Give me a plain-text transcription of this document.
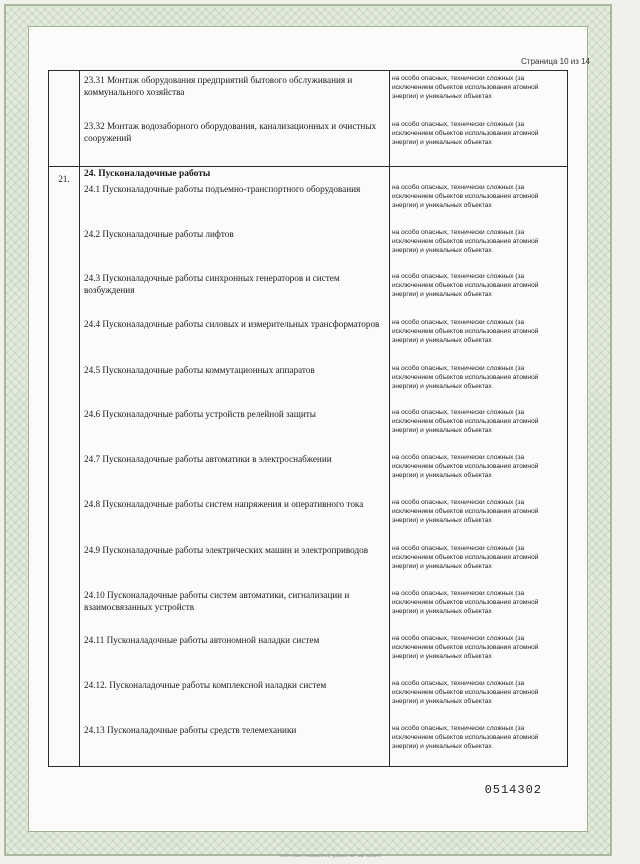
Страница 10 из 14
21.	24. Пусконаладочные работы
23.31 Монтаж оборудования предприятий бытового обслуживания и коммунального хозяйства
23.32 Монтаж водозаборного оборудования, канализационных и очистных сооружений
24.1 Пусконаладочные работы подъемно-транспортного оборудования
24.2 Пусконаладочные работы лифтов
24.3 Пусконаладочные работы синхронных генераторов и систем возбуждения
24.4 Пусконаладочные работы силовых и измерительных трансформаторов
24.5 Пусконаладочные работы коммутационных аппаратов
24.6 Пусконаладочные работы устройств релейной защиты
24.7 Пусконаладочные работы автоматики в электроснабжении
24.8 Пусконаладочные работы систем напряжения и оперативного тока
24.9 Пусконаладочные работы электрических машин и электроприводов
24.10 Пусконаладочные работы систем автоматики, сигнализации и взаимосвязанных устройств
24.11 Пусконаладочные работы автономной наладки систем
24.12. Пусконаладочные работы комплексной наладки систем
24.13 Пусконаладочные работы средств телемеханики
на особо опасных, технически сложных (за исключением объектов использования атомной энергии) и уникальных объектах
на особо опасных, технически сложных (за исключением объектов использования атомной энергии) и уникальных объектах
на особо опасных, технически сложных (за исключением объектов использования атомной энергии) и уникальных объектах
на особо опасных, технически сложных (за исключением объектов использования атомной энергии) и уникальных объектах
на особо опасных, технически сложных (за исключением объектов использования атомной энергии) и уникальных объектах
на особо опасных, технически сложных (за исключением объектов использования атомной энергии) и уникальных объектах
на особо опасных, технически сложных (за исключением объектов использования атомной энергии) и уникальных объектах
на особо опасных, технически сложных (за исключением объектов использования атомной энергии) и уникальных объектах
на особо опасных, технически сложных (за исключением объектов использования атомной энергии) и уникальных объектах
на особо опасных, технически сложных (за исключением объектов использования атомной энергии) и уникальных объектах
на особо опасных, технически сложных (за исключением объектов использования атомной энергии) и уникальных объектах
на особо опасных, технически сложных (за исключением объектов использования атомной энергии) и уникальных объектах
на особо опасных, технически сложных (за исключением объектов использования атомной энергии) и уникальных объектах
на особо опасных, технически сложных (за исключением объектов использования атомной энергии) и уникальных объектах
на особо опасных, технически сложных (за исключением объектов использования атомной энергии) и уникальных объектах
0514302
ООО «Знак», Москва, 2012, уровень «В», зак. 28-8874
